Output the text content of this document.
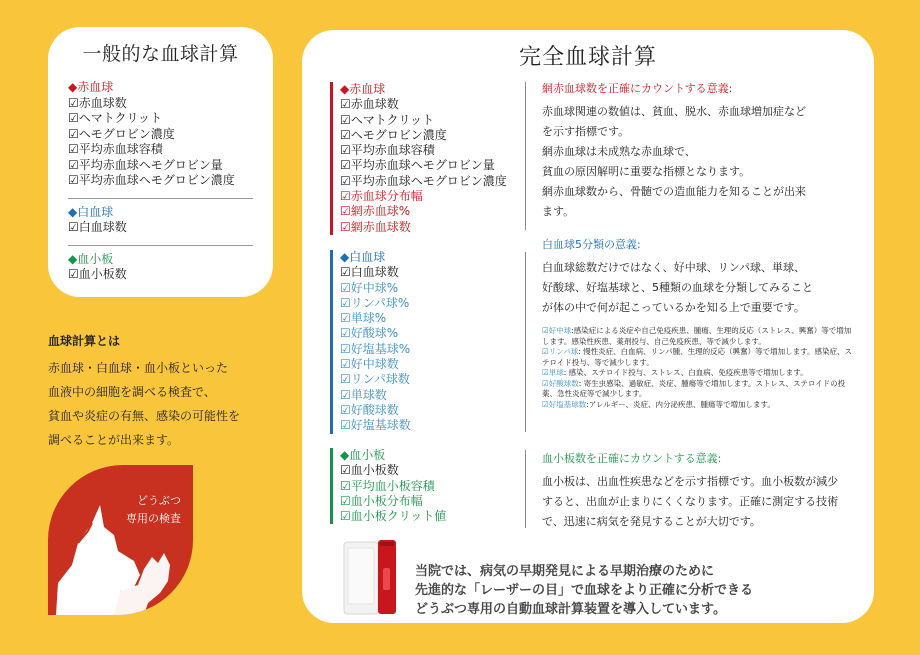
一般的な血球計算
◆赤血球
☑赤血球数
☑ヘマトクリット
☑ヘモグロビン濃度
☑平均赤血球容積
☑平均赤血球ヘモグロビン量
☑平均赤血球ヘモグロビン濃度
◆白血球
☑白血球数
◆血小板
☑血小板数
血球計算とは

赤血球・白血球・血小板といった

血液中の細胞を調べる検査で、

貧血や炎症の有無、感染の可能性を

調べることが出来ます。

どうぶつ
専用の検査
完全血球計算
◆赤血球
☑赤血球数
☑ヘマトクリット
☑ヘモグロビン濃度
☑平均赤血球容積
☑平均赤血球ヘモグロビン量
☑平均赤血球ヘモグロビン濃度
☑赤血球分布幅
☑網赤血球%
☑網赤血球数
◆白血球
☑白血球数
☑好中球%
☑リンパ球%
☑単球%
☑好酸球%
☑好塩基球%
☑好中球数
☑リンパ球数
☑単球数
☑好酸球数
☑好塩基球数
◆血小板
☑血小板数
☑平均血小板容積
☑血小板分布幅
☑血小板クリット値
網赤血球数を正確にカウントする意義:

赤血球関連の数値は、貧血、脱水、赤血球増加症など

を示す指標です。

網赤血球は未成熟な赤血球で、

貧血の原因解明に重要な指標となります。

網赤血球数から、骨髄での造血能力を知ることが出来

ます。

白血球5分類の意義:

白血球総数だけではなく、好中球、リンパ球、単球、
好酸球、好塩基球と、5種類の血球を分類してみること
が体の中で何が起こっているかを知る上で重要です。

☑好中球:感染症による炎症や自己免疫疾患、腫瘍、生理的反応（ストレス、興奮）等で増加します。感染性疾患、薬剤投与、自己免疫疾患、等で減少します。
☑リンパ球: 慢性炎症、白血病、リンパ腫、生理的反応（興奮）等で増加します。感染症、ステロイド投与、等で減少します。
☑単球: 感染、ステロイド投与、ストレス、白血病、免疫疾患等で増加します。
☑好酸球数: 寄生虫感染、過敏症、炎症、腫瘍等で増加します。ストレス、ステロイドの投薬、急性炎症等で減少します。
☑好塩基球数:アレルギー、炎症、内分泌疾患、腫瘍等で増加します。
血小板数を正確にカウントする意義:

血小板は、出血性疾患などを示す指標です。血小板数が減少

すると、出血が止まりにくくなります。正確に測定する技術

で、迅速に病気を発見することが大切です。

当院では、病気の早期発見による早期治療のために
先進的な「レーザーの目」で血球をより正確に分析できる
どうぶつ専用の自動血球計算装置を導入しています。
